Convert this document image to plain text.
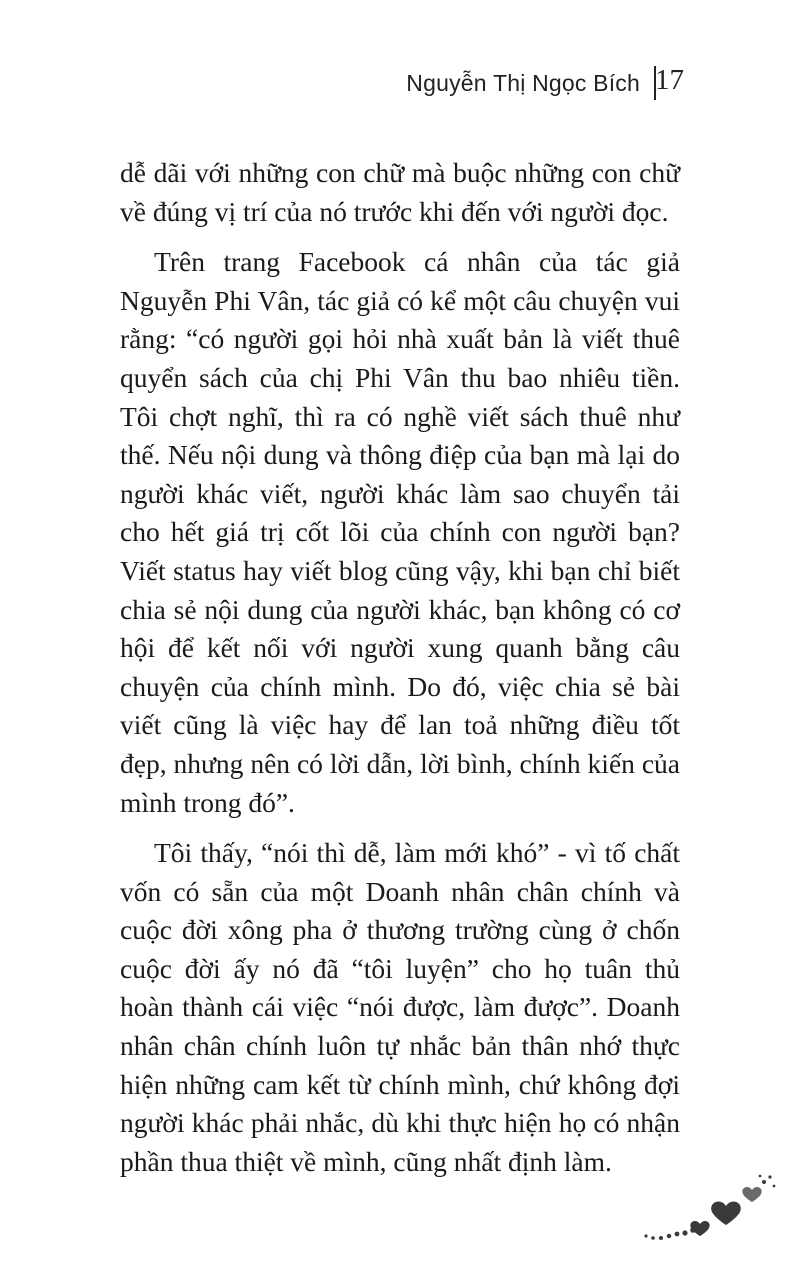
Nguyễn Thị Ngọc Bích 17

dễ dãi với những con chữ mà buộc những con chữ về đúng vị trí của nó trước khi đến với người đọc.

Trên trang Facebook cá nhân của tác giả Nguyễn Phi Vân, tác giả có kể một câu chuyện vui rằng: “có người gọi hỏi nhà xuất bản là viết thuê quyển sách của chị Phi Vân thu bao nhiêu tiền. Tôi chợt nghĩ, thì ra có nghề viết sách thuê như thế. Nếu nội dung và thông điệp của bạn mà lại do người khác viết, người khác làm sao chuyển tải cho hết giá trị cốt lõi của chính con người bạn? Viết status hay viết blog cũng vậy, khi bạn chỉ biết chia sẻ nội dung của người khác, bạn không có cơ hội để kết nối với người xung quanh bằng câu chuyện của chính mình. Do đó, việc chia sẻ bài viết cũng là việc hay để lan toả những điều tốt đẹp, nhưng nên có lời dẫn, lời bình, chính kiến của mình trong đó”.

Tôi thấy, “nói thì dễ, làm mới khó” - vì tố chất vốn có sẵn của một Doanh nhân chân chính và cuộc đời xông pha ở thương trường cùng ở chốn cuộc đời ấy nó đã “tôi luyện” cho họ tuân thủ hoàn thành cái việc “nói được, làm được”. Doanh nhân chân chính luôn tự nhắc bản thân nhớ thực hiện những cam kết từ chính mình, chứ không đợi người khác phải nhắc, dù khi thực hiện họ có nhận phần thua thiệt về mình, cũng nhất định làm.
